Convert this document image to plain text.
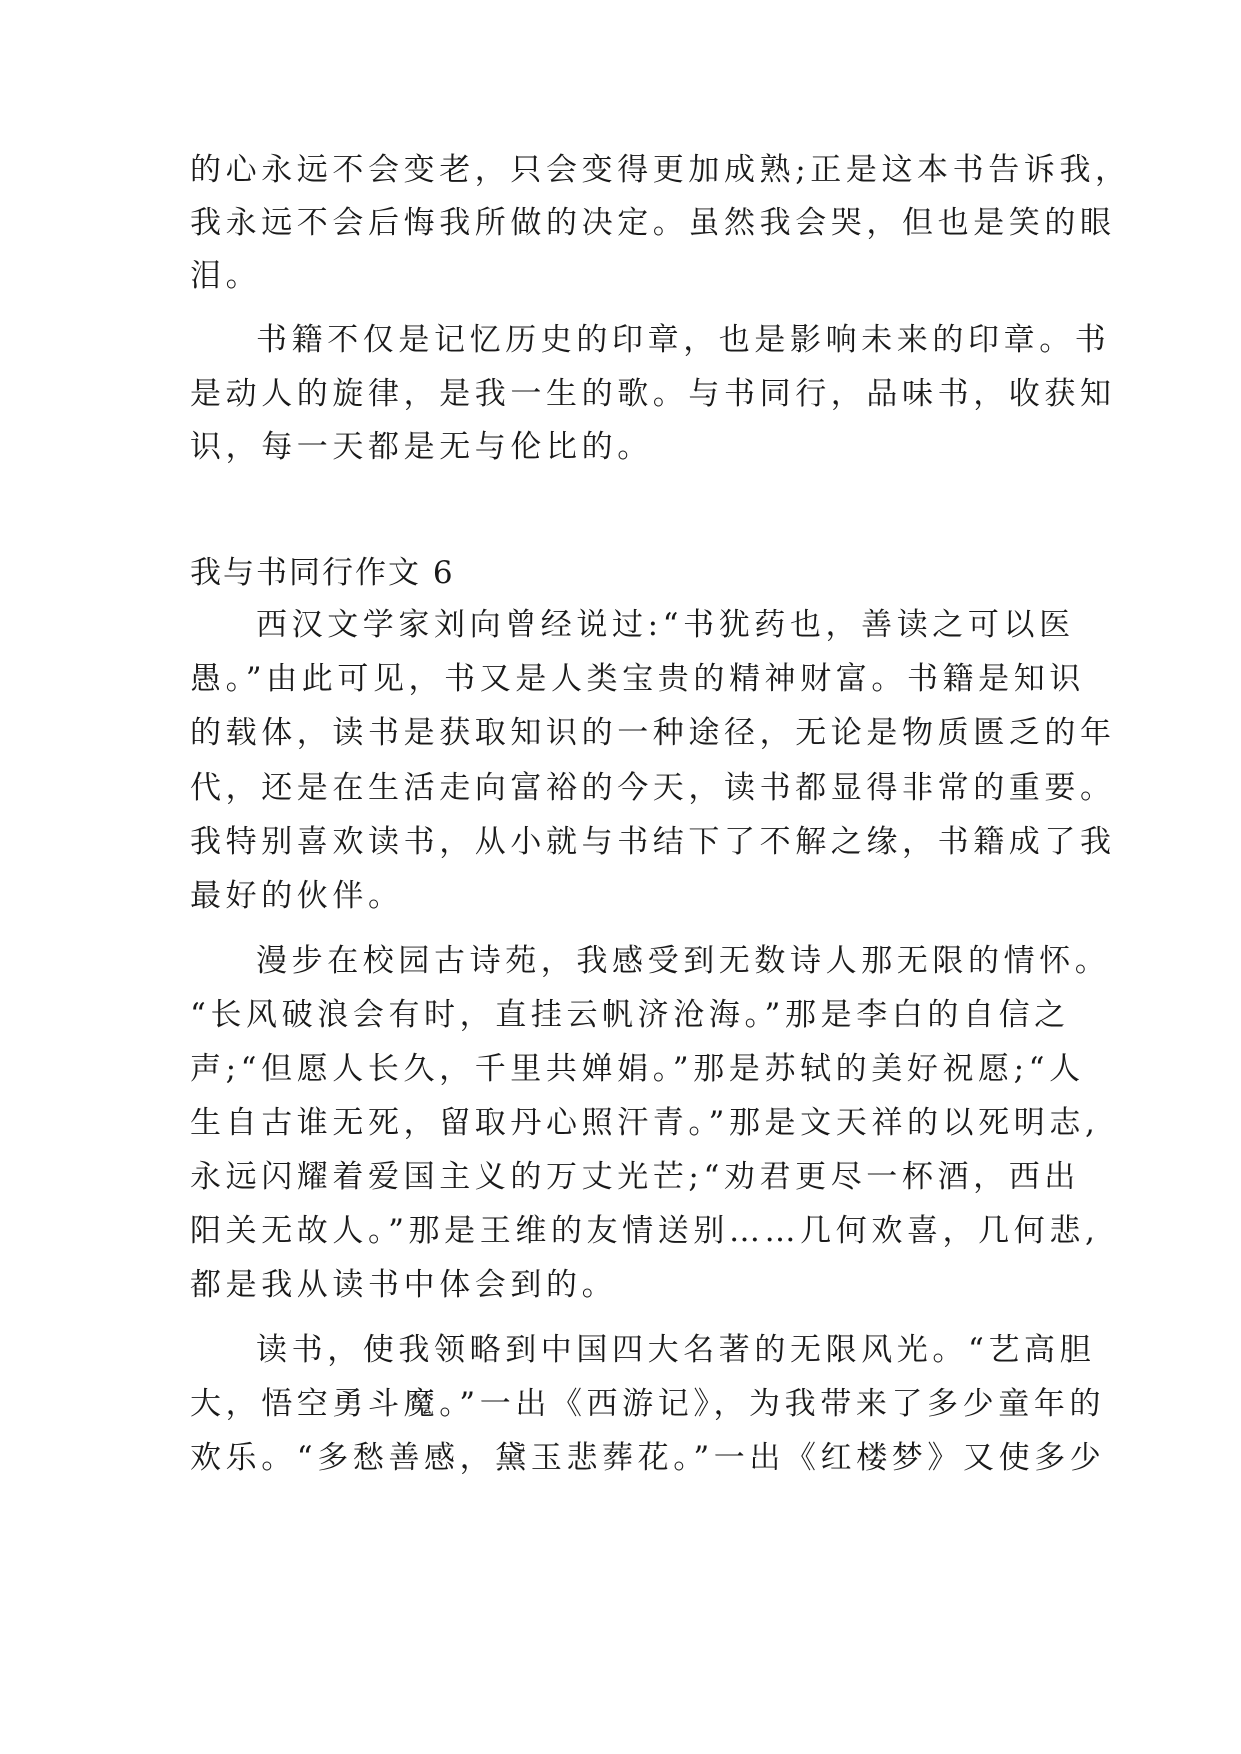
的心永远不会变老，只会变得更加成熟;正是这本书告诉我，
我永远不会后悔我所做的决定。虽然我会哭，但也是笑的眼
泪。
书籍不仅是记忆历史的印章，也是影响未来的印章。书
是动人的旋律，是我一生的歌。与书同行，品味书，收获知
识，每一天都是无与伦比的。
我与书同行作文 6
西汉文学家刘向曾经说过:“书犹药也，善读之可以医
愚。”由此可见，书又是人类宝贵的精神财富。书籍是知识
的载体，读书是获取知识的一种途径，无论是物质匮乏的年
代，还是在生活走向富裕的今天，读书都显得非常的重要。
我特别喜欢读书，从小就与书结下了不解之缘，书籍成了我
最好的伙伴。
漫步在校园古诗苑，我感受到无数诗人那无限的情怀。
“长风破浪会有时，直挂云帆济沧海。”那是李白的自信之
声;“但愿人长久，千里共婵娟。”那是苏轼的美好祝愿;“人
生自古谁无死，留取丹心照汗青。”那是文天祥的以死明志,
永远闪耀着爱国主义的万丈光芒;“劝君更尽一杯酒，西出
阳关无故人。”那是王维的友情送别……几何欢喜，几何悲,
都是我从读书中体会到的。
读书，使我领略到中国四大名著的无限风光。“艺高胆
大，悟空勇斗魔。”一出《西游记》，为我带来了多少童年的
欢乐。“多愁善感，黛玉悲葬花。”一出《红楼梦》又使多少
